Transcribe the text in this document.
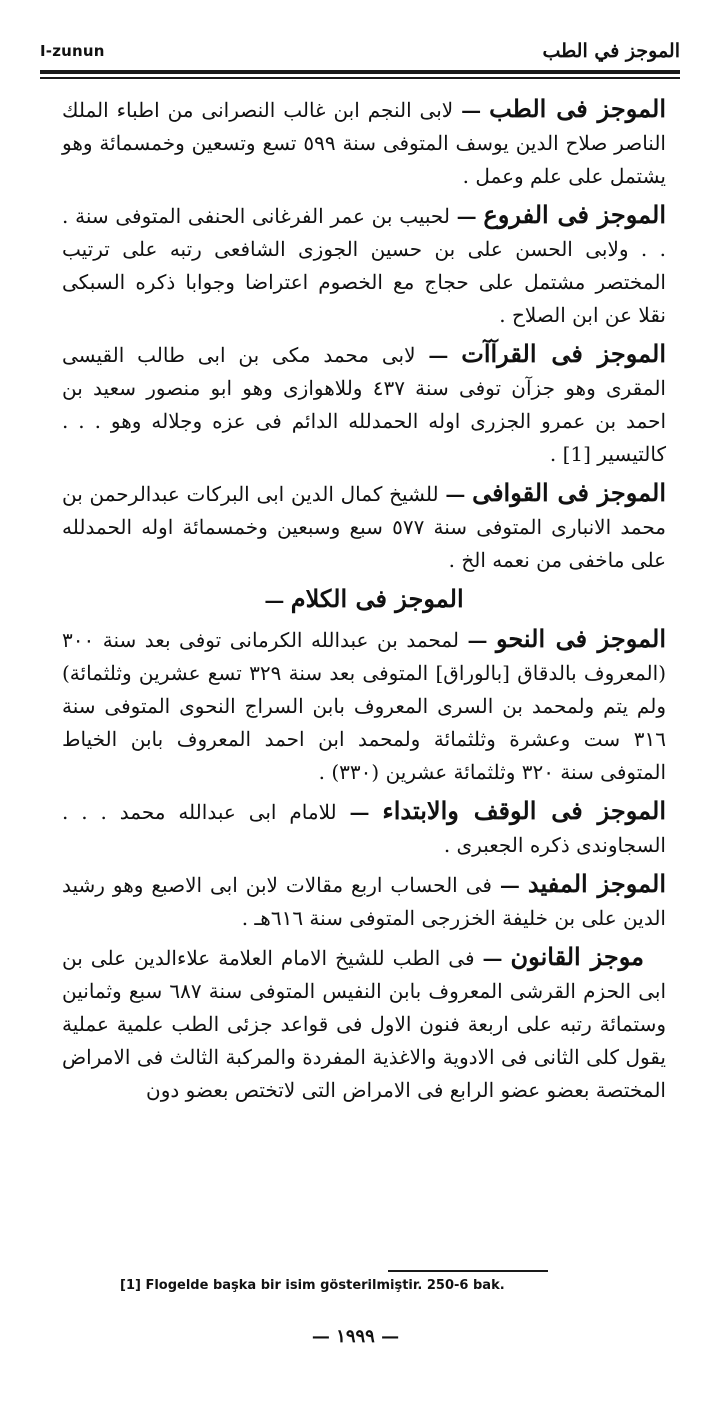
I-zunun	الموجز في الطب

الموجز فى الطب — لابى النجم ابن غالب النصرانى من اطباء الملك الناصر صلاح الدين يوسف المتوفى سنة ٥٩٩ تسع وتسعين وخمسمائة وهو يشتمل على علم وعمل .

الموجز فى الفروع — لحبيب بن عمر الفرغانى الحنفى المتوفى سنة . . . ولابى الحسن على بن حسين الجوزى الشافعى رتبه على ترتيب المختصر مشتمل على حجاج مع الخصوم اعتراضا وجوابا ذكره السبكى نقلا عن ابن الصلاح .

الموجز فى القرآآت — لابى محمد مكى بن ابى طالب القيسى المقرى وهو جزآن توفى سنة ٤٣٧ وللاهوازى وهو ابو منصور سعيد بن احمد بن عمرو الجزرى اوله الحمدلله الدائم فى عزه وجلاله وهو . . . كالتيسير [1] .

الموجز فى القوافى — للشيخ كمال الدين ابى البركات عبدالرحمن بن محمد الانبارى المتوفى سنة ٥٧٧ سبع وسبعين وخمسمائة اوله الحمدلله على ماخفى من نعمه الخ .

الموجز فى الكلام —

الموجز فى النحو — لمحمد بن عبدالله الكرمانى توفى بعد سنة ٣٠٠ (المعروف بالدقاق [بالوراق] المتوفى بعد سنة ٣٢٩ تسع عشرين وثلثمائة) ولم يتم ولمحمد بن السرى المعروف بابن السراج النحوى المتوفى سنة ٣١٦ ست وعشرة وثلثمائة ولمحمد ابن احمد المعروف بابن الخياط المتوفى سنة ٣٢٠ وثلثمائة عشرين (٣٣٠) .

الموجز فى الوقف والابتداء — للامام ابى عبدالله محمد . . . السجاوندى ذكره الجعبرى .

الموجز المفيد — فى الحساب اربع مقالات لابن ابى الاصبع وهو رشيد الدين على بن خليفة الخزرجى المتوفى سنة ٦١٦هـ .

موجز القانون — فى الطب للشيخ الامام العلامة علاءالدين على بن ابى الحزم القرشى المعروف بابن النفيس المتوفى سنة ٦٨٧ سبع وثمانين وستمائة رتبه على اربعة فنون الاول فى قواعد جزئى الطب علمية عملية يقول كلى الثانى فى الادوية والاغذية المفردة والمركبة الثالث فى الامراض المختصة بعضو عضو الرابع فى الامراض التى لاتختص بعضو دون

[1] Flogelde başka bir isim gösterilmiştir. 250-6 bak.
— ١٩٩٩ —
